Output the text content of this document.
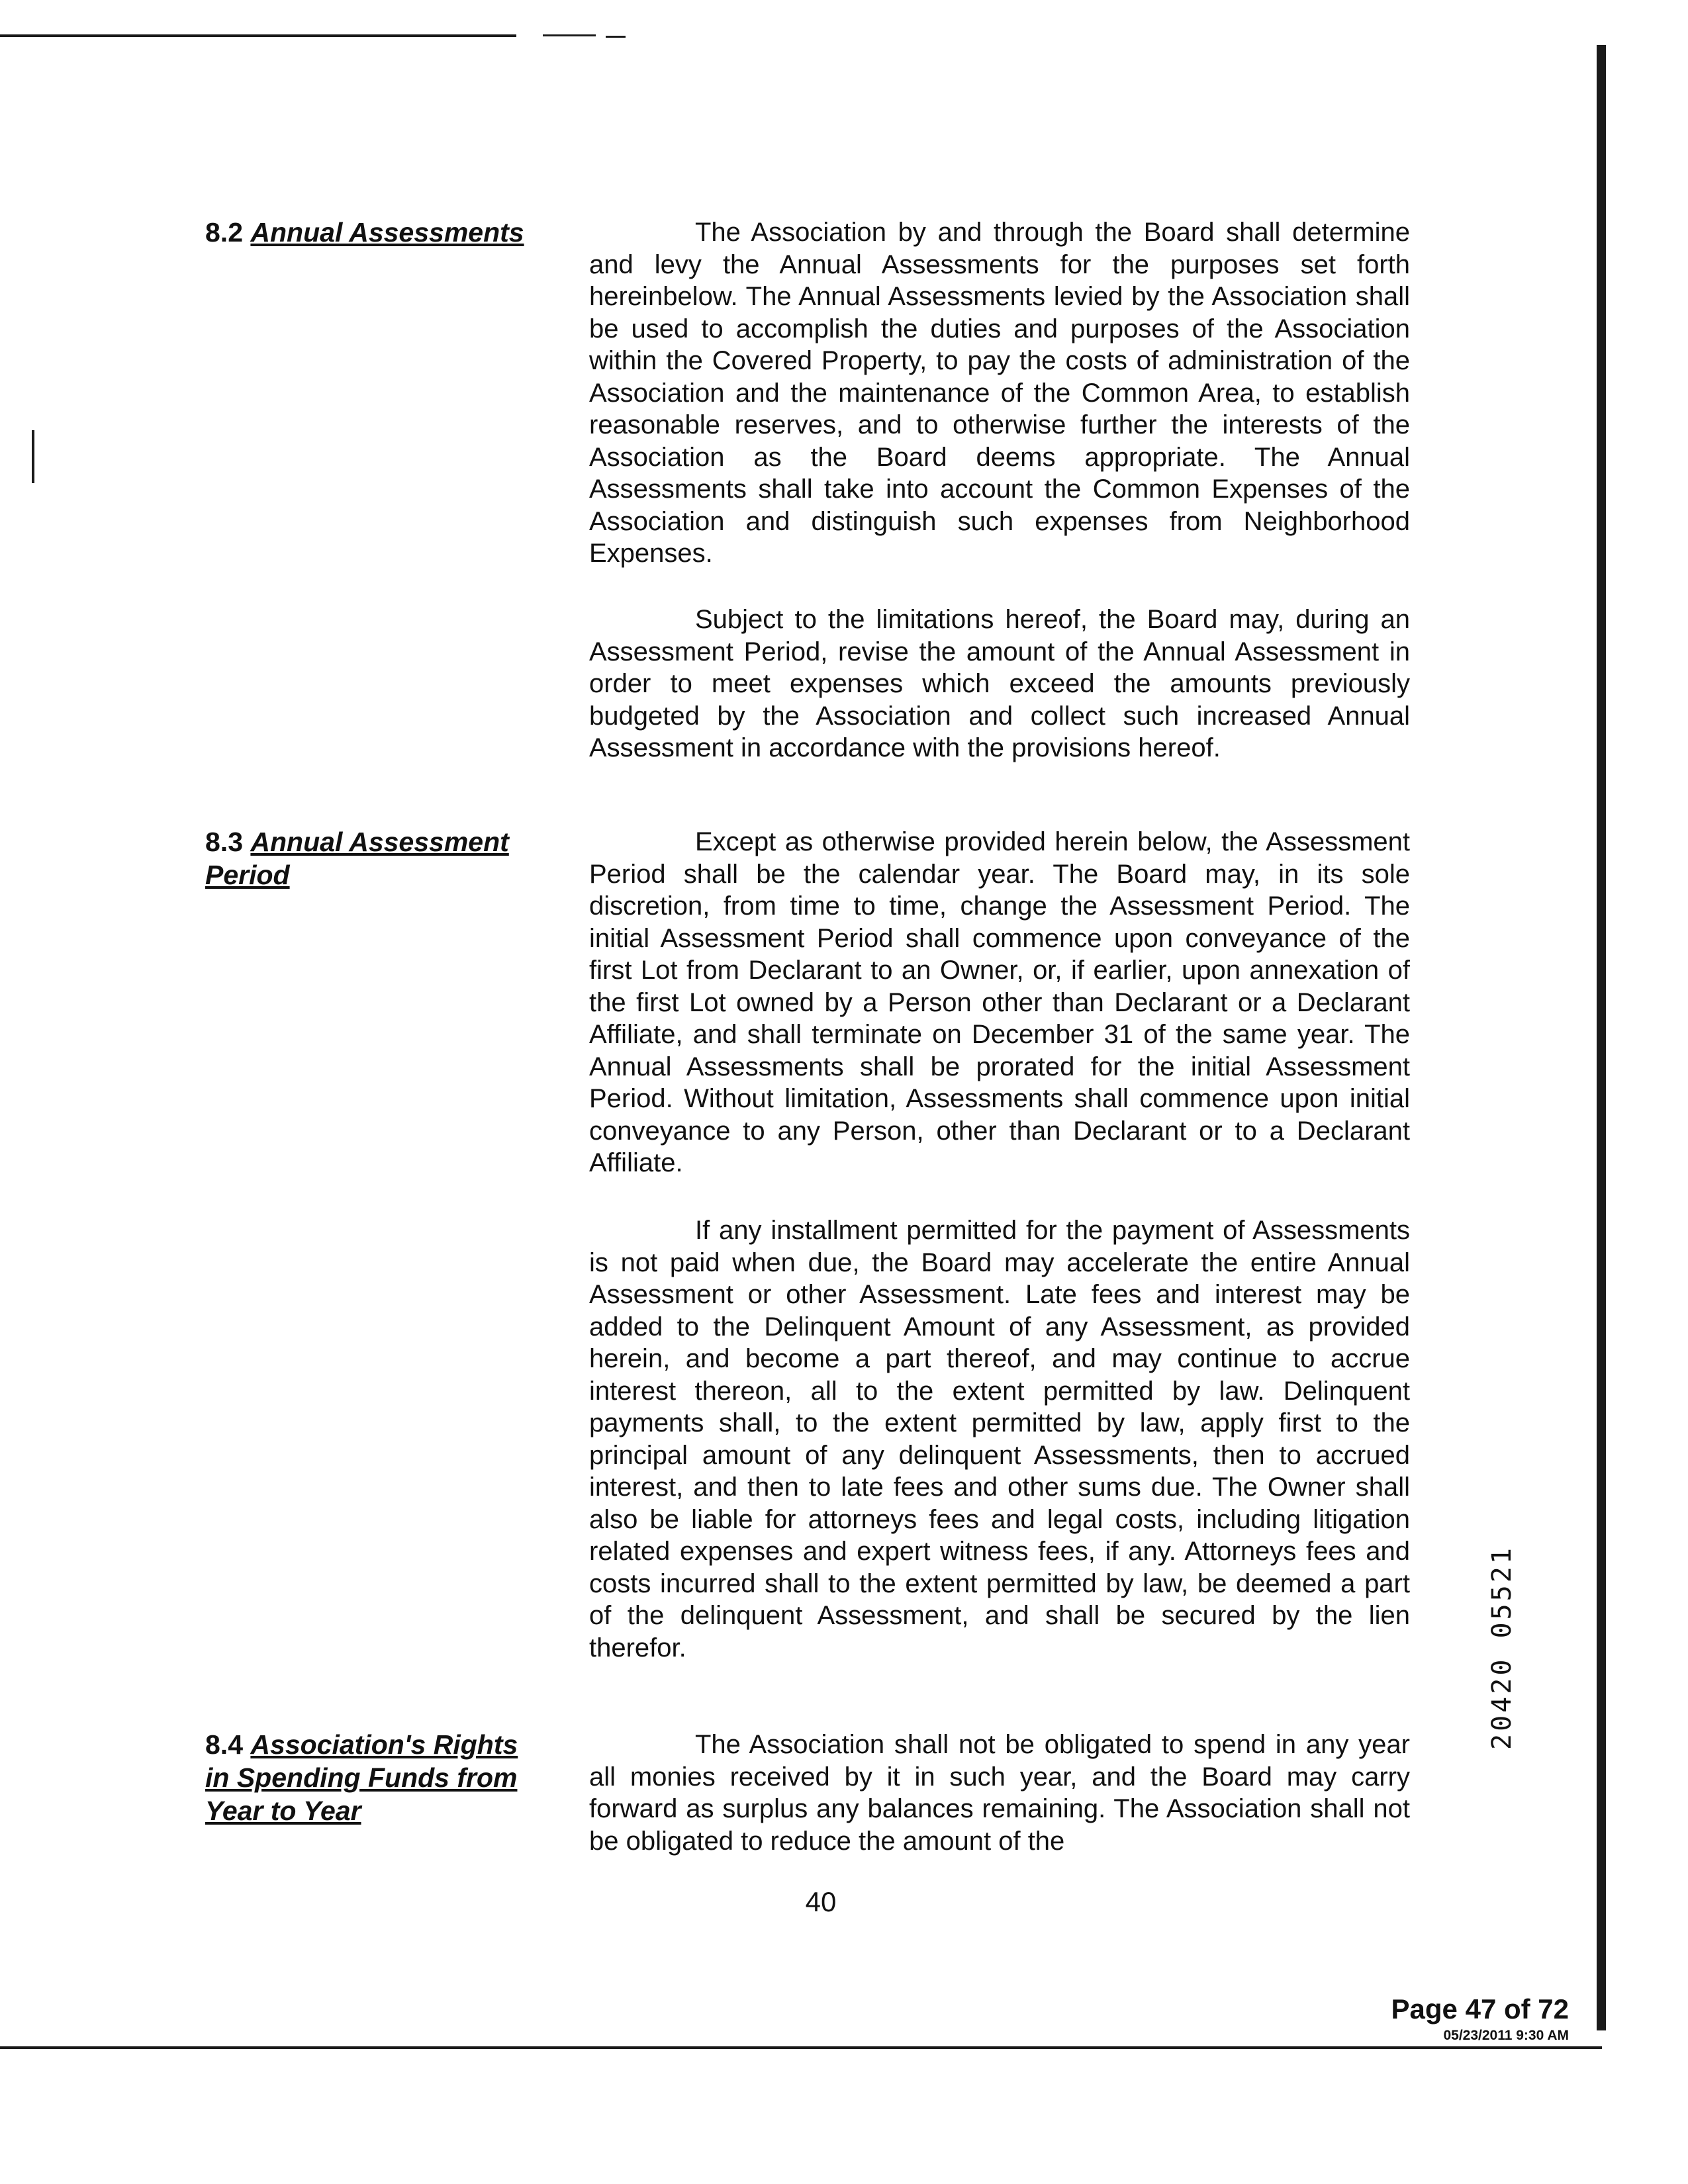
8.2 Annual Assessments	The Association by and through the Board shall determine and levy the Annual Assessments for the purposes set forth hereinbelow. The Annual Assessments levied by the Association shall be used to accomplish the duties and purposes of the Association within the Covered Property, to pay the costs of administration of the Association and the maintenance of the Common Area, to establish reasonable reserves, and to otherwise further the interests of the Association as the Board deems appropriate. The Annual Assessments shall take into account the Common Expenses of the Association and distinguish such expenses from Neighborhood Expenses.

Subject to the limitations hereof, the Board may, during an Assessment Period, revise the amount of the Annual Assessment in order to meet expenses which exceed the amounts previously budgeted by the Association and collect such increased Annual Assessment in accordance with the provisions hereof.

8.3 Annual Assessment Period

Except as otherwise provided herein below, the Assessment Period shall be the calendar year. The Board may, in its sole discretion, from time to time, change the Assessment Period. The initial Assessment Period shall commence upon conveyance of the first Lot from Declarant to an Owner, or, if earlier, upon annexation of the first Lot owned by a Person other than Declarant or a Declarant Affiliate, and shall terminate on December 31 of the same year. The Annual Assessments shall be prorated for the initial Assessment Period. Without limitation, Assessments shall commence upon initial conveyance to any Person, other than Declarant or to a Declarant Affiliate.

If any installment permitted for the payment of Assessments is not paid when due, the Board may accelerate the entire Annual Assessment or other Assessment. Late fees and interest may be added to the Delinquent Amount of any Assessment, as provided herein, and become a part thereof, and may continue to accrue interest thereon, all to the extent permitted by law. Delinquent payments shall, to the extent permitted by law, apply first to the principal amount of any delinquent Assessments, then to accrued interest, and then to late fees and other sums due. The Owner shall also be liable for attorneys fees and legal costs, including litigation related expenses and expert witness fees, if any. Attorneys fees and costs incurred shall to the extent permitted by law, be deemed a part of the delinquent Assessment, and shall be secured by the lien therefor.

8.4 Association's Rights in Spending Funds from Year to Year

The Association shall not be obligated to spend in any year all monies received by it in such year, and the Board may carry forward as surplus any balances remaining. The Association shall not be obligated to reduce the amount of the

40
Page 47 of 72
05/23/2011 9:30 AM
20420 05521
